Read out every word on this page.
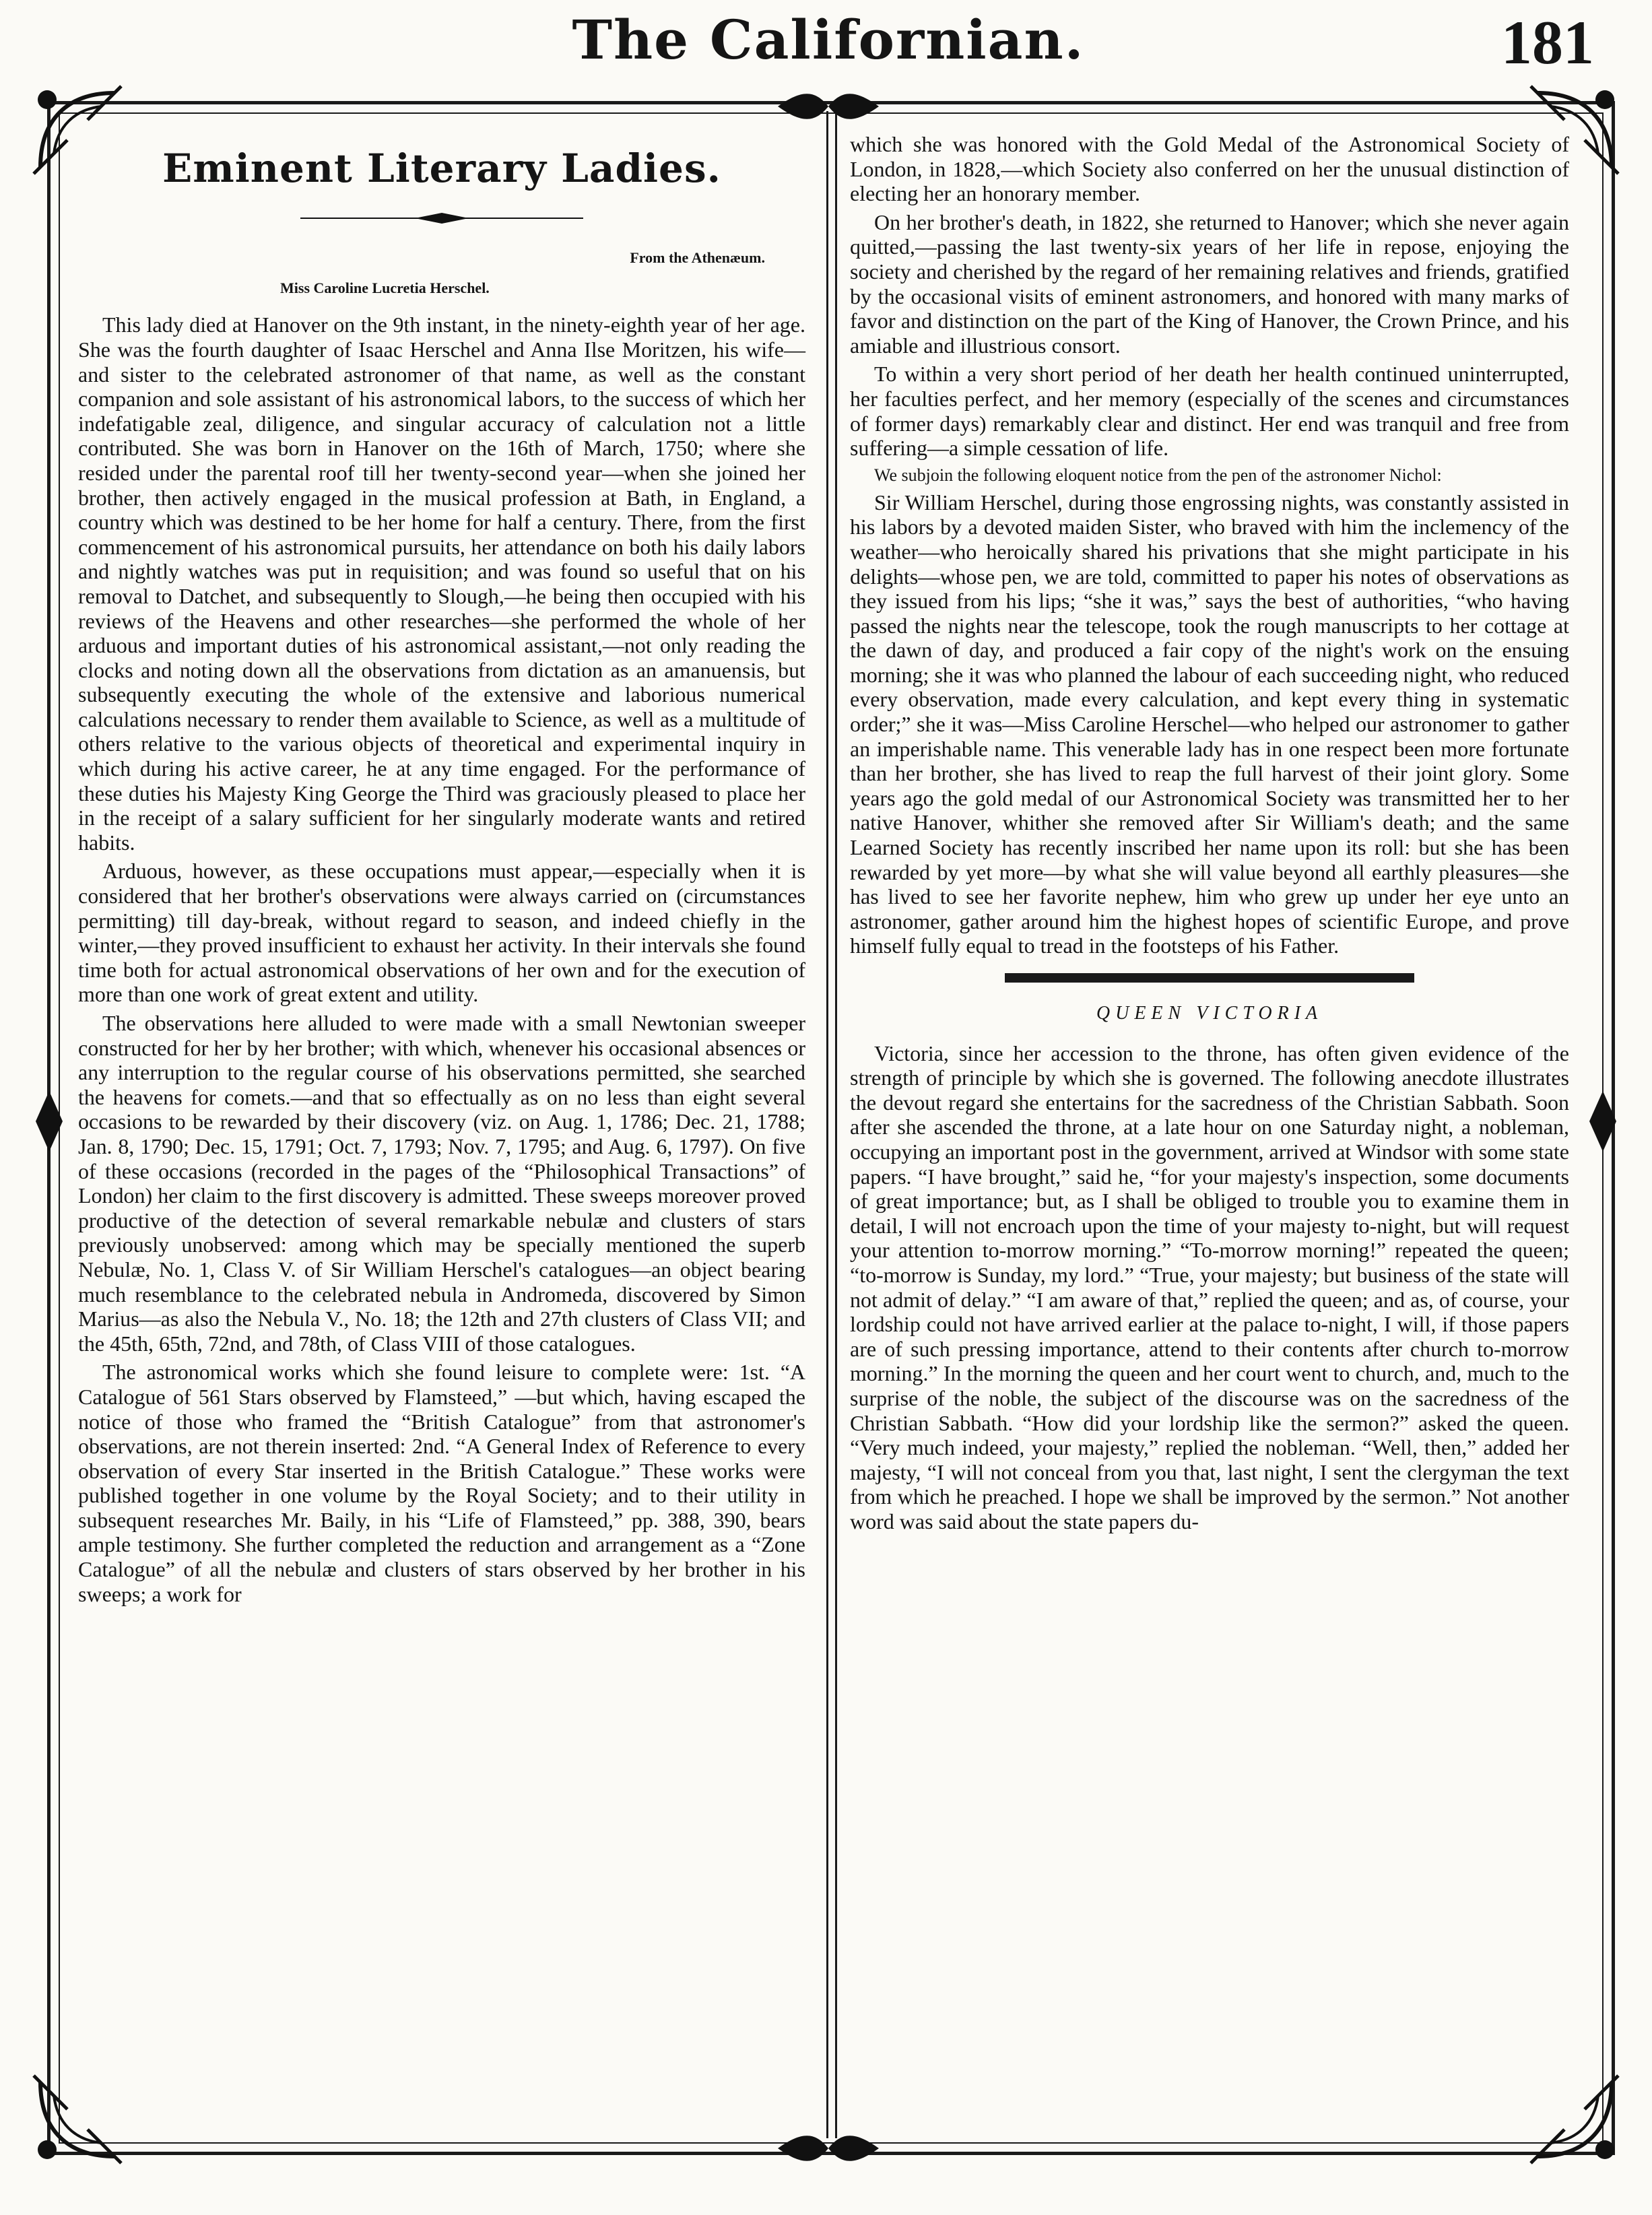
The Californian.	181
Eminent Literary Ladies.
From the Athenæum.
Miss Caroline Lucretia Herschel.

This lady died at Hanover on the 9th instant, in the ninety-eighth year of her age. She was the fourth daughter of Isaac Herschel and Anna Ilse Moritzen, his wife—and sister to the celebrated astronomer of that name, as well as the constant companion and sole assistant of his astronomical labors, to the success of which her indefatigable zeal, diligence, and singular accuracy of calculation not a little contributed. She was born in Hanover on the 16th of March, 1750; where she resided under the parental roof till her twenty-second year—when she joined her brother, then actively engaged in the musical profession at Bath, in England, a country which was destined to be her home for half a century. There, from the first commencement of his astronomical pursuits, her attendance on both his daily labors and nightly watches was put in requisition; and was found so useful that on his removal to Datchet, and subsequently to Slough,—he being then occupied with his reviews of the Heavens and other researches—she performed the whole of her arduous and important duties of his astronomical assistant,—not only reading the clocks and noting down all the observations from dictation as an amanuensis, but subsequently executing the whole of the extensive and laborious numerical calculations necessary to render them available to Science, as well as a multitude of others relative to the various objects of theoretical and experimental inquiry in which during his active career, he at any time engaged. For the performance of these duties his Majesty King George the Third was graciously pleased to place her in the receipt of a salary sufficient for her singularly moderate wants and retired habits.

Arduous, however, as these occupations must appear,—especially when it is considered that her brother's observations were always carried on (circumstances permitting) till day-break, without regard to season, and indeed chiefly in the winter,—they proved insufficient to exhaust her activity. In their intervals she found time both for actual astronomical observations of her own and for the execution of more than one work of great extent and utility.

The observations here alluded to were made with a small Newtonian sweeper constructed for her by her brother; with which, whenever his occasional absences or any interruption to the regular course of his observations permitted, she searched the heavens for comets.—and that so effectually as on no less than eight several occasions to be rewarded by their discovery (viz. on Aug. 1, 1786; Dec. 21, 1788; Jan. 8, 1790; Dec. 15, 1791; Oct. 7, 1793; Nov. 7, 1795; and Aug. 6, 1797). On five of these occasions (recorded in the pages of the “Philosophical Transactions” of London) her claim to the first discovery is admitted. These sweeps moreover proved productive of the detection of several remarkable nebulæ and clusters of stars previously unobserved: among which may be specially mentioned the superb Nebulæ, No. 1, Class V. of Sir William Herschel's catalogues—an object bearing much resemblance to the celebrated nebula in Andromeda, discovered by Simon Marius—as also the Nebula V., No. 18; the 12th and 27th clusters of Class VII; and the 45th, 65th, 72nd, and 78th, of Class VIII of those catalogues.

The astronomical works which she found leisure to complete were: 1st. “A Catalogue of 561 Stars observed by Flamsteed,” —but which, having escaped the notice of those who framed the “British Catalogue” from that astronomer's observations, are not therein inserted: 2nd. “A General Index of Reference to every observation of every Star inserted in the British Catalogue.” These works were published together in one volume by the Royal Society; and to their utility in subsequent researches Mr. Baily, in his “Life of Flamsteed,” pp. 388, 390, bears ample testimony. She further completed the reduction and arrangement as a “Zone Catalogue” of all the nebulæ and clusters of stars observed by her brother in his sweeps; a work for

which she was honored with the Gold Medal of the Astronomical Society of London, in 1828,—which Society also conferred on her the unusual distinction of electing her an honorary member.

On her brother's death, in 1822, she returned to Hanover; which she never again quitted,—passing the last twenty-six years of her life in repose, enjoying the society and cherished by the regard of her remaining relatives and friends, gratified by the occasional visits of eminent astronomers, and honored with many marks of favor and distinction on the part of the King of Hanover, the Crown Prince, and his amiable and illustrious consort.

To within a very short period of her death her health continued uninterrupted, her faculties perfect, and her memory (especially of the scenes and circumstances of former days) remarkably clear and distinct. Her end was tranquil and free from suffering—a simple cessation of life.

We subjoin the following eloquent notice from the pen of the astronomer Nichol:

Sir William Herschel, during those engrossing nights, was constantly assisted in his labors by a devoted maiden Sister, who braved with him the inclemency of the weather—who heroically shared his privations that she might participate in his delights—whose pen, we are told, committed to paper his notes of observations as they issued from his lips; “she it was,” says the best of authorities, “who having passed the nights near the telescope, took the rough manuscripts to her cottage at the dawn of day, and produced a fair copy of the night's work on the ensuing morning; she it was who planned the labour of each succeeding night, who reduced every observation, made every calculation, and kept every thing in systematic order;” she it was—Miss Caroline Herschel—who helped our astronomer to gather an imperishable name. This venerable lady has in one respect been more fortunate than her brother, she has lived to reap the full harvest of their joint glory. Some years ago the gold medal of our Astronomical Society was transmitted her to her native Hanover, whither she removed after Sir William's death; and the same Learned Society has recently inscribed her name upon its roll: but she has been rewarded by yet more—by what she will value beyond all earthly pleasures—she has lived to see her favorite nephew, him who grew up under her eye unto an astronomer, gather around him the highest hopes of scientific Europe, and prove himself fully equal to tread in the footsteps of his Father.

QUEEN VICTORIA

Victoria, since her accession to the throne, has often given evidence of the strength of principle by which she is governed. The following anecdote illustrates the devout regard she entertains for the sacredness of the Christian Sabbath. Soon after she ascended the throne, at a late hour on one Saturday night, a nobleman, occupying an important post in the government, arrived at Windsor with some state papers. “I have brought,” said he, “for your majesty's inspection, some documents of great importance; but, as I shall be obliged to trouble you to examine them in detail, I will not encroach upon the time of your majesty to-night, but will request your attention to-morrow morning.” “To-morrow morning!” repeated the queen; “to-morrow is Sunday, my lord.” “True, your majesty; but business of the state will not admit of delay.” “I am aware of that,” replied the queen; and as, of course, your lordship could not have arrived earlier at the palace to-night, I will, if those papers are of such pressing importance, attend to their contents after church to-morrow morning.” In the morning the queen and her court went to church, and, much to the surprise of the noble, the subject of the discourse was on the sacredness of the Christian Sabbath. “How did your lordship like the sermon?” asked the queen. “Very much indeed, your majesty,” replied the nobleman. “Well, then,” added her majesty, “I will not conceal from you that, last night, I sent the clergyman the text from which he preached. I hope we shall be improved by the sermon.” Not another word was said about the state papers du-
